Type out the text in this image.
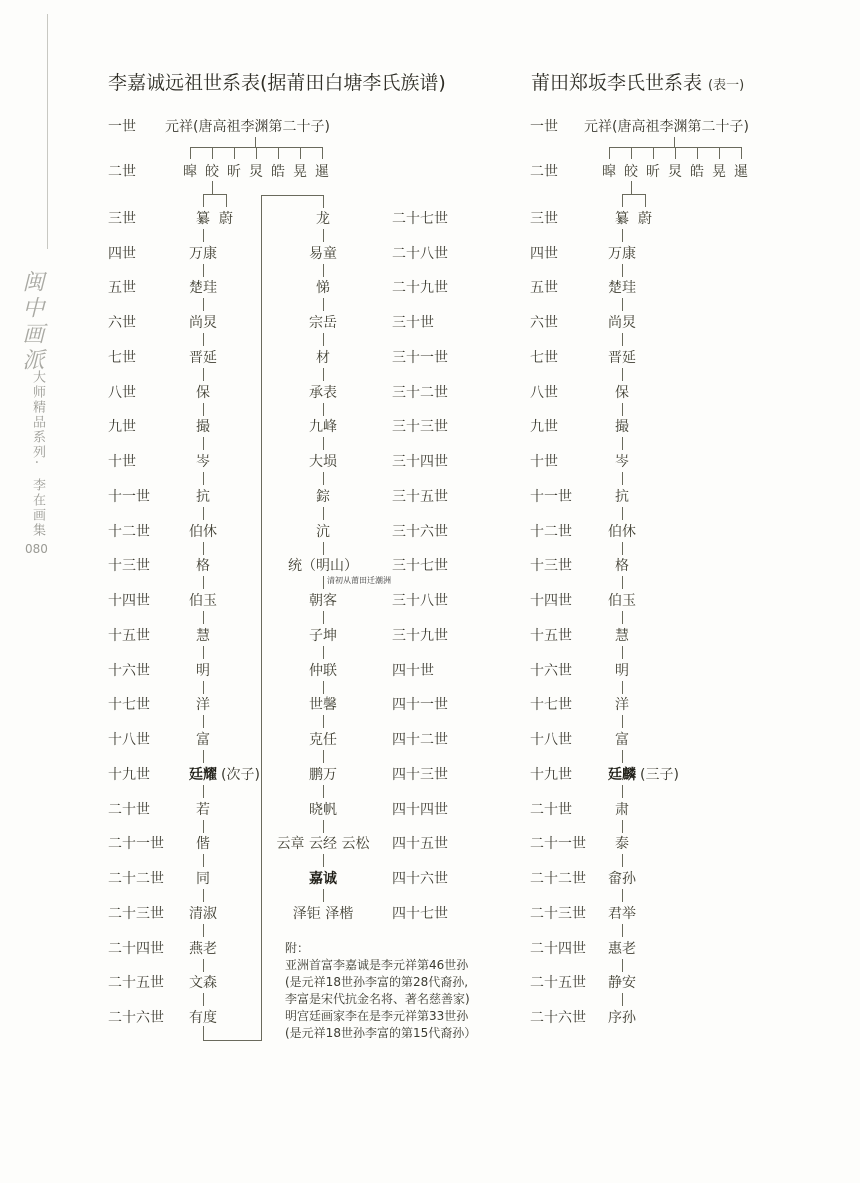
闽中画派
大师精品系列
·
李在画集
080
李嘉诚远祖世系表(据莆田白塘李氏族谱)	莆田郑坂李氏世系表 (表一)
一世
二世
三世
四世
五世
六世
七世
八世
九世
十世
十一世
十二世
十三世
十四世
十五世
十六世
十七世
十八世
十九世
二十世
二十一世
二十二世
二十三世
二十四世
二十五世
二十六世
元祥(唐高祖李渊第二十子)
暭 皎 昕 炅 皓 晃 暹
纂 蔚
万康
楚珪
尚炅
晋延
保
撮
岑
抗
伯休
格
伯玉
慧
明
洋
富
廷耀 (次子)
若
偕
同
清淑
燕老
文森
有度
一世
二世
三世
四世
五世
六世
七世
八世
九世
十世
十一世
十二世
十三世
十四世
十五世
十六世
十七世
十八世
十九世
二十世
二十一世
二十二世
二十三世
二十四世
二十五世
二十六世
元祥(唐高祖李渊第二十子)
暭 皎 昕 炅 皓 晃 暹
纂 蔚
万康
楚珪
尚炅
晋延
保
撮
岑
抗
伯休
格
伯玉
慧
明
洋
富
廷麟 (三子)
肃
泰
畲孙
君举
惠老
静安
序孙
二十七世
二十八世
二十九世
三十世
三十一世
三十二世
三十三世
三十四世
三十五世
三十六世
三十七世
三十八世
三十九世
四十世
四十一世
四十二世
四十三世
四十四世
四十五世
四十六世
四十七世
龙
易童
悌
宗岳
材
承表
九峰
大埙
錝
沆
统（明山）
朝客
子坤
仲联
世馨
克任
鹏万
晓帆
云章 云经 云松
嘉诚
泽钜 泽楷
清初从莆田迁潮洲
附：
亚洲首富李嘉诚是李元祥第46世孙
(是元祥18世孙李富的第28代裔孙,
李富是宋代抗金名将、著名慈善家)
明宫廷画家李在是李元祥第33世孙
(是元祥18世孙李富的第15代裔孙）
